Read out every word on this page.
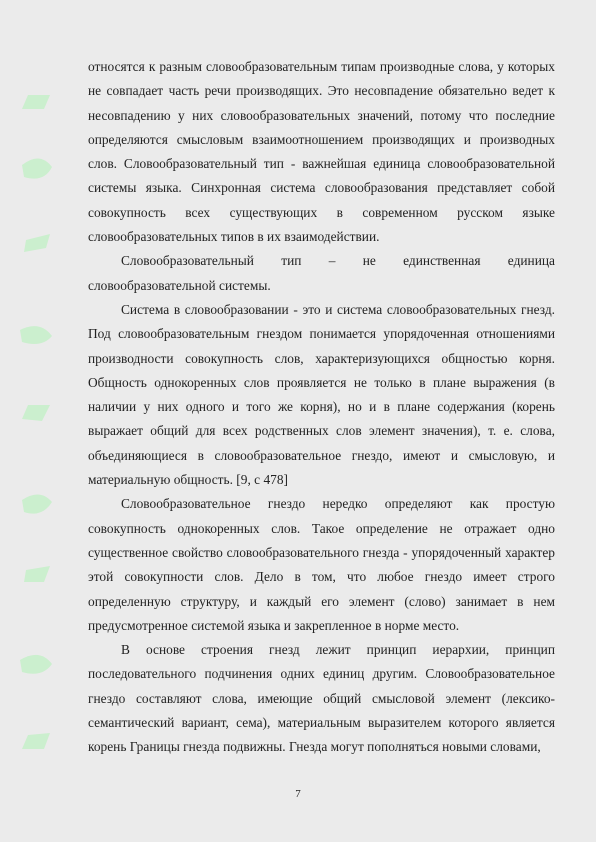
относятся к разным словообразовательным типам производные слова, у которых не совпадает часть речи производящих. Это несовпадение обязательно ведет к несовпадению у них словообразовательных значений, потому что последние определяются смысловым взаимоотношением производящих и производных слов. Словообразовательный тип - важнейшая единица словообразовательной системы языка. Синхронная система словообразования представляет собой совокупность всех существующих в современном русском языке словообразовательных типов в их взаимодействии.

Словообразовательный тип – не единственная единица словообразовательной системы.

Система в словообразовании - это и система словообразовательных гнезд. Под словообразовательным гнездом понимается упорядоченная отношениями производности совокупность слов, характеризующихся общностью корня. Общность однокоренных слов проявляется не только в плане выражения (в наличии у них одного и того же корня), но и в плане содержания (корень выражает общий для всех родственных слов элемент значения), т. е. слова, объединяющиеся в словообразовательное гнездо, имеют и смысловую, и материальную общность. [9, с 478]

Словообразовательное гнездо нередко определяют как простую совокупность однокоренных слов. Такое определение не отражает одно существенное свойство словообразовательного гнезда - упорядоченный характер этой совокупности слов. Дело в том, что любое гнездо имеет строго определенную структуру, и каждый его элемент (слово) занимает в нем предусмотренное системой языка и закрепленное в норме место.

В основе строения гнезд лежит принцип иерархии, принцип последовательного подчинения одних единиц другим. Словообразовательное гнездо составляют слова, имеющие общий смысловой элемент (лексико-семантический вариант, сема), материальным выразителем которого является корень Границы гнезда подвижны. Гнезда могут пополняться новыми словами,

7
